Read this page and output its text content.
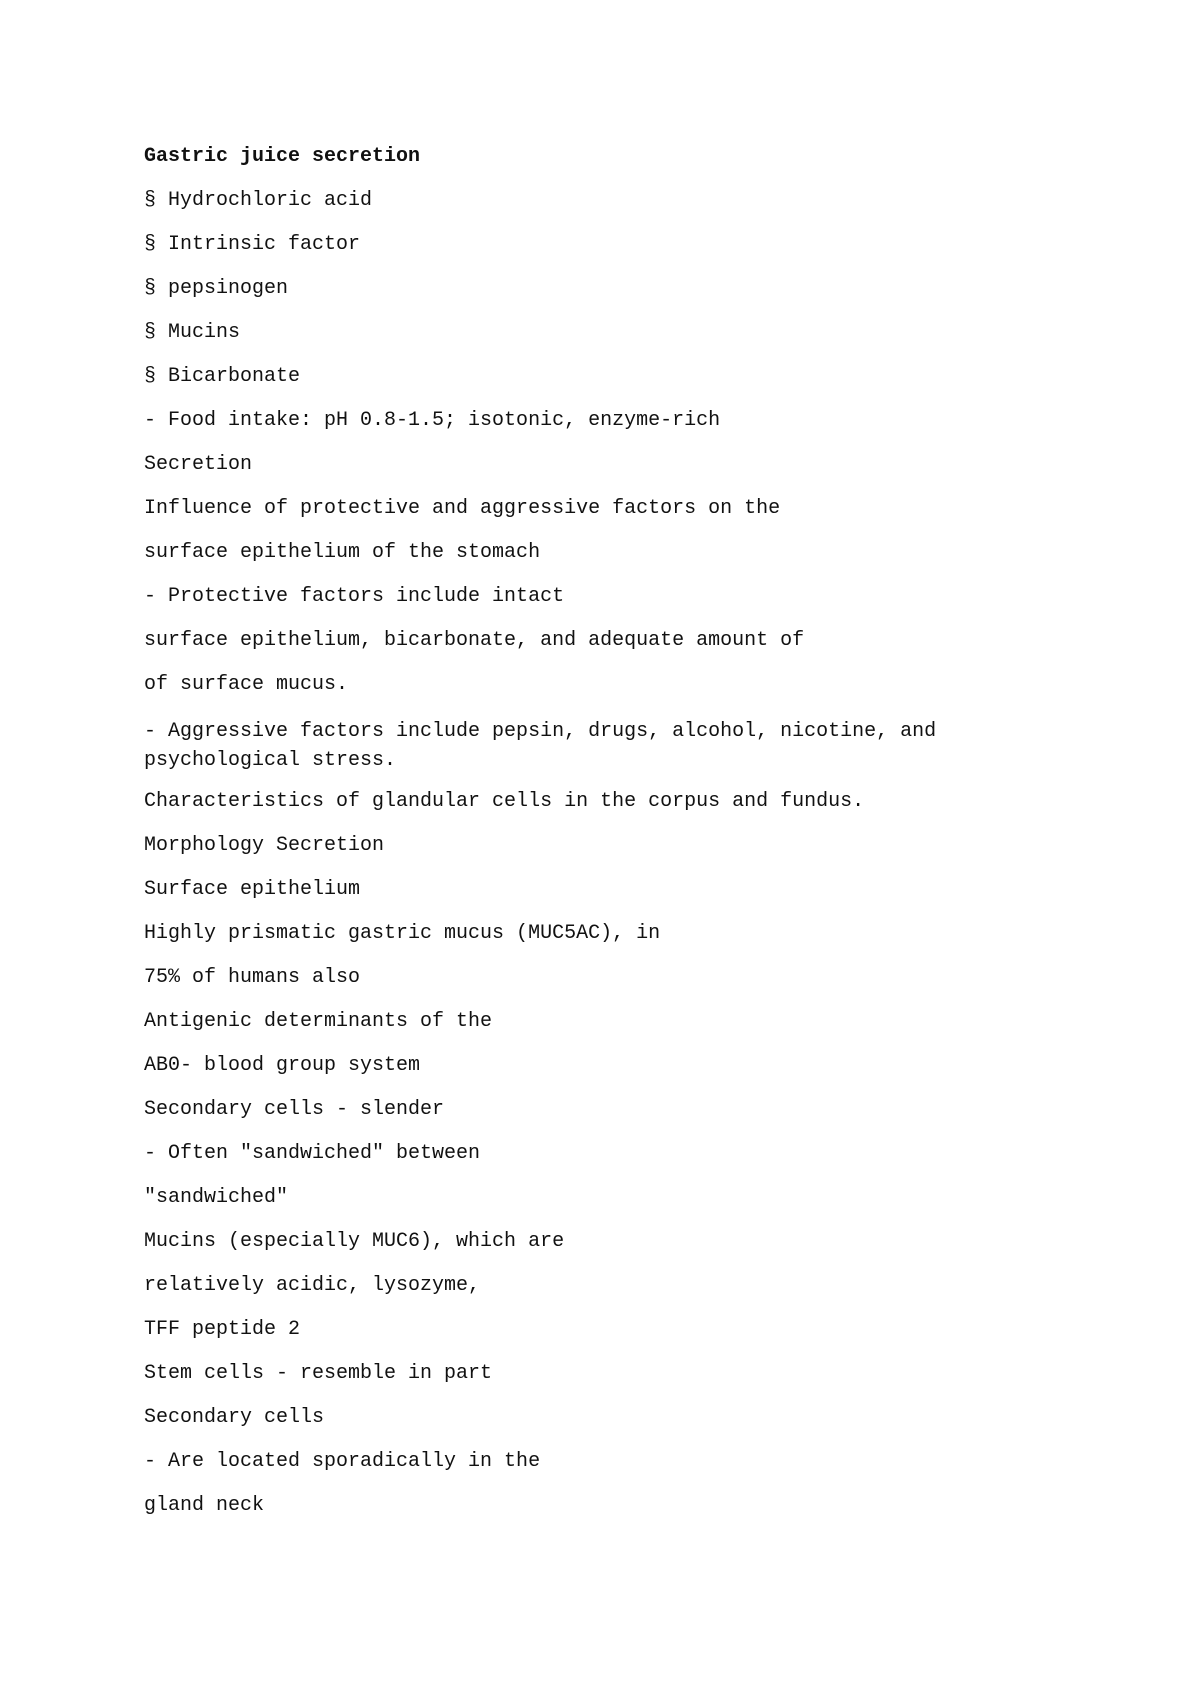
Gastric juice secretion
§ Hydrochloric acid
§ Intrinsic factor
§ pepsinogen
§ Mucins
§ Bicarbonate
- Food intake: pH 0.8-1.5; isotonic, enzyme-rich
Secretion
Influence of protective and aggressive factors on the
surface epithelium of the stomach
- Protective factors include intact
surface epithelium, bicarbonate, and adequate amount of
of surface mucus.
- Aggressive factors include pepsin, drugs, alcohol, nicotine, and
psychological stress.
Characteristics of glandular cells in the corpus and fundus.
Morphology Secretion
Surface epithelium
Highly prismatic gastric mucus (MUC5AC), in
75% of humans also
Antigenic determinants of the
AB0- blood group system
Secondary cells - slender
- Often "sandwiched" between
"sandwiched"
Mucins (especially MUC6), which are
relatively acidic, lysozyme,
TFF peptide 2
Stem cells - resemble in part
Secondary cells
- Are located sporadically in the
gland neck
